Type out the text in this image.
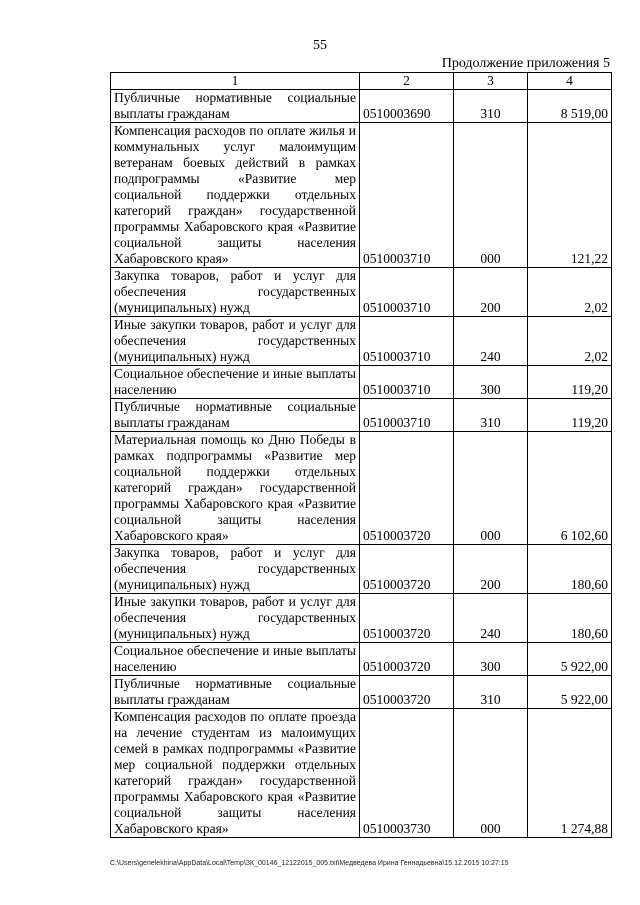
55
Продолжение приложения 5
1	2	3	4
Публичные нормативные социальные выплаты гражданам	0510003690	310	8 519,00
Компенсация расходов по оплате жилья и коммунальных услуг малоимущим ветеранам боевых действий в рамках подпрограммы «Развитие мер социальной поддержки отдельных категорий граждан» государственной программы Хабаровского края «Развитие социальной защиты населения Хабаровского края»	0510003710	000	121,22
Закупка товаров, работ и услуг для обеспечения государственных (муниципальных) нужд	0510003710	200	2,02
Иные закупки товаров, работ и услуг для обеспечения государственных (муниципальных) нужд	0510003710	240	2,02
Социальное обеспечение и иные выплаты населению	0510003710	300	119,20
Публичные нормативные социальные выплаты гражданам	0510003710	310	119,20
Материальная помощь ко Дню Победы в рамках подпрограммы «Развитие мер социальной поддержки отдельных категорий граждан» государственной программы Хабаровского края «Развитие социальной защиты населения Хабаровского края»	0510003720	000	6 102,60
Закупка товаров, работ и услуг для обеспечения государственных (муниципальных) нужд	0510003720	200	180,60
Иные закупки товаров, работ и услуг для обеспечения государственных (муниципальных) нужд	0510003720	240	180,60
Социальное обеспечение и иные выплаты населению	0510003720	300	5 922,00
Публичные нормативные социальные выплаты гражданам	0510003720	310	5 922,00
Компенсация расходов по оплате проезда на лечение студентам из малоимущих семей в рамках подпрограммы «Развитие мер социальной поддержки отдельных категорий граждан» государственной программы Хабаровского края «Развитие социальной защиты населения Хабаровского края»	0510003730	000	1 274,88
C:\Users\genelekhina\AppData\Local\Temp\ЗК_00146_12122015_005.txt\Медведева Ирина Геннадьевна\15.12.2015 10:27:15
